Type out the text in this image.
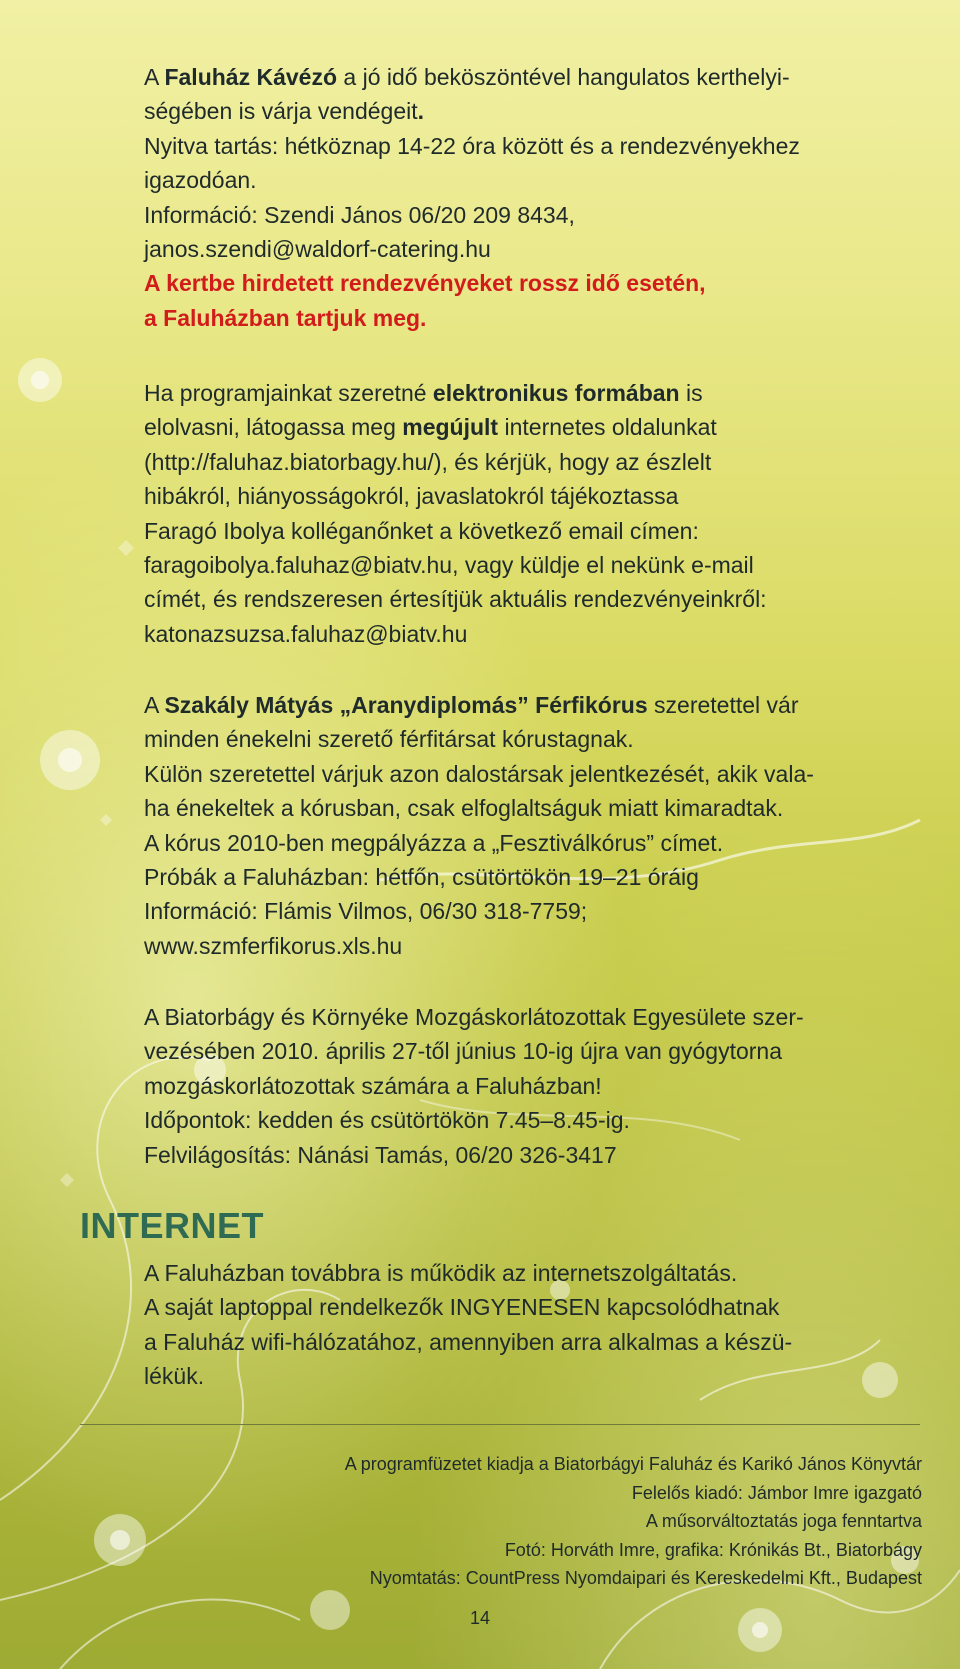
A Faluház Kávézó a jó idő beköszöntével hangulatos kerthelyi-
ségében is várja vendégeit.
Nyitva tartás: hétköznap 14-22 óra között és a rendezvényekhez
igazodóan.
Információ: Szendi János 06/20 209 8434,
janos.szendi@waldorf-catering.hu
A kertbe hirdetett rendezvényeket rossz idő esetén,
a Faluházban tartjuk meg.
Ha programjainkat szeretné elektronikus formában is
elolvasni, látogassa meg megújult internetes oldalunkat
(http://faluhaz.biatorbagy.hu/), és kérjük, hogy az észlelt
hibákról, hiányosságokról, javaslatokról tájékoztassa
Faragó Ibolya kolléganőnket a következő email címen:
faragoibolya.faluhaz@biatv.hu, vagy küldje el nekünk e-mail
címét, és rendszeresen értesítjük aktuális rendezvényeinkről:
katonazsuzsa.faluhaz@biatv.hu
A Szakály Mátyás „Aranydiplomás” Férfikórus szeretettel vár
minden énekelni szerető férfitársat kórustagnak.
Külön szeretettel várjuk azon dalostársak jelentkezését, akik vala-
ha énekeltek a kórusban, csak elfoglaltságuk miatt kimaradtak.
A kórus 2010-ben megpályázza a „Fesztiválkórus” címet.
Próbák a Faluházban: hétfőn, csütörtökön 19–21 óráig
Információ: Flámis Vilmos, 06/30 318-7759;
www.szmferfikorus.xls.hu
A Biatorbágy és Környéke Mozgáskorlátozottak Egyesülete szer-
vezésében 2010. április 27-től június 10-ig újra van gyógytorna
mozgáskorlátozottak számára a Faluházban!
Időpontok: kedden és csütörtökön 7.45–8.45-ig.
Felvilágosítás: Nánási Tamás, 06/20 326-3417
INTERNET
A Faluházban továbbra is működik az internetszolgáltatás.
A saját laptoppal rendelkezők INGYENESEN kapcsolódhatnak
a Faluház wifi-hálózatához, amennyiben arra alkalmas a készü-
lékük.
A programfüzetet kiadja a Biatorbágyi Faluház és Karikó János Könyvtár
Felelős kiadó: Jámbor Imre igazgató
A műsorváltoztatás joga fenntartva
Fotó: Horváth Imre, grafika: Krónikás Bt., Biatorbágy
Nyomtatás: CountPress Nyomdaipari és Kereskedelmi Kft., Budapest
14
